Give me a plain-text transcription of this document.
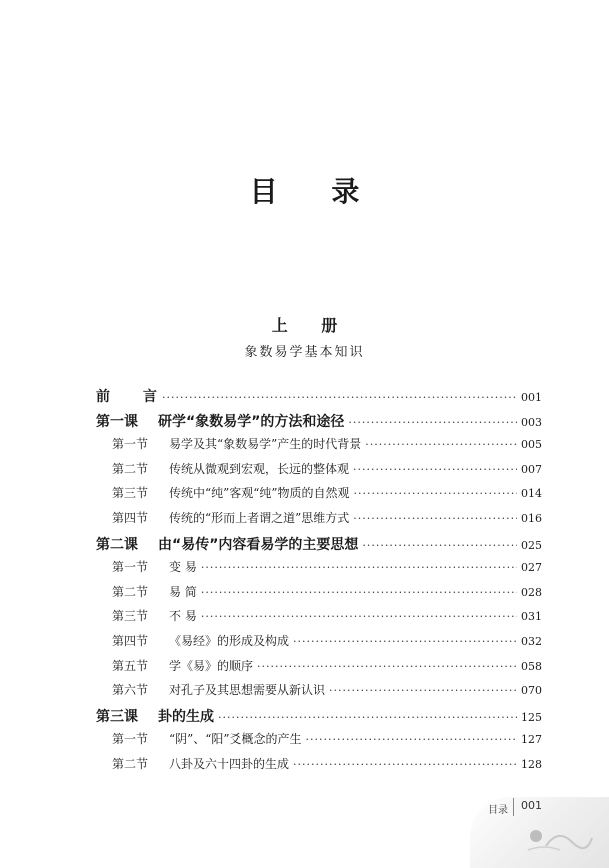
目 录
上 册
象数易学基本知识
前 言 ·····	001
第一课 研学“象数易学”的方法和途径 ·····	003
第一节 易学及其“象数易学”产生的时代背景 ·····	005
第二节 传统从微观到宏观，长远的整体观 ·····	007
第三节 传统中“纯”客观“纯”物质的自然观 ·····	014
第四节 传统的“形而上者谓之道”思维方式 ·····	016
第二课 由“易传”内容看易学的主要思想 ·····	025
第一节 变 易 ·····	027
第二节 易 简 ·····	028
第三节 不 易 ·····	031
第四节 《易经》的形成及构成 ·····	032
第五节 学《易》的顺序 ·····	058
第六节 对孔子及其思想需要从新认识 ·····	070
第三课 卦的生成 ·····	125
第一节 “阴”、“阳”爻概念的产生 ·····	127
第二节 八卦及六十四卦的生成 ·····	128
目录 001
